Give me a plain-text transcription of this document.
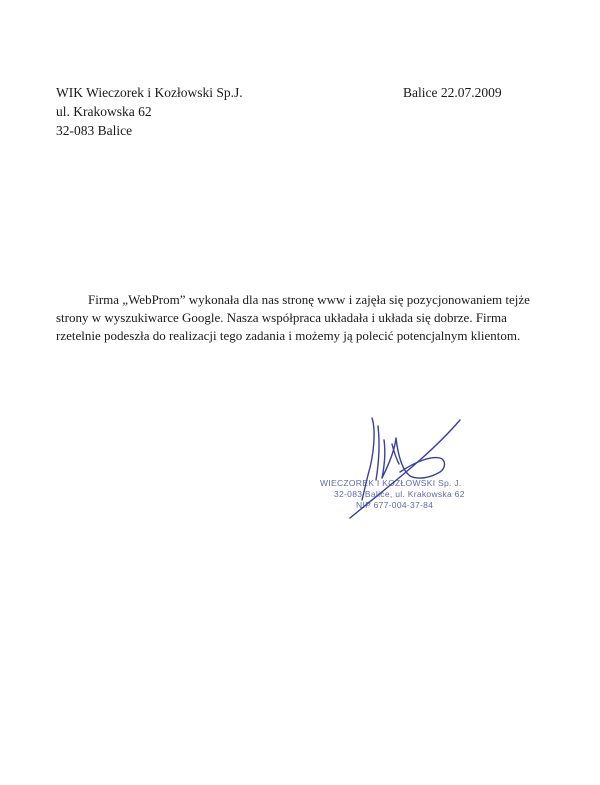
WIK Wieczorek i Kozłowski Sp.J.
ul. Krakowska 62
32-083 Balice
Balice 22.07.2009

Firma „WebProm” wykonała dla nas stronę www i zajęła się pozycjonowaniem tejże

strony w wyszukiwarce Google. Nasza współpraca układała i układa się dobrze. Firma

rzetelnie podeszła do realizacji tego zadania i możemy ją polecić potencjalnym klientom.

WIECZOREK I KOZŁOWSKI Sp. J.
32-083 Balice, ul. Krakowska 62
NIP 677-004-37-84
